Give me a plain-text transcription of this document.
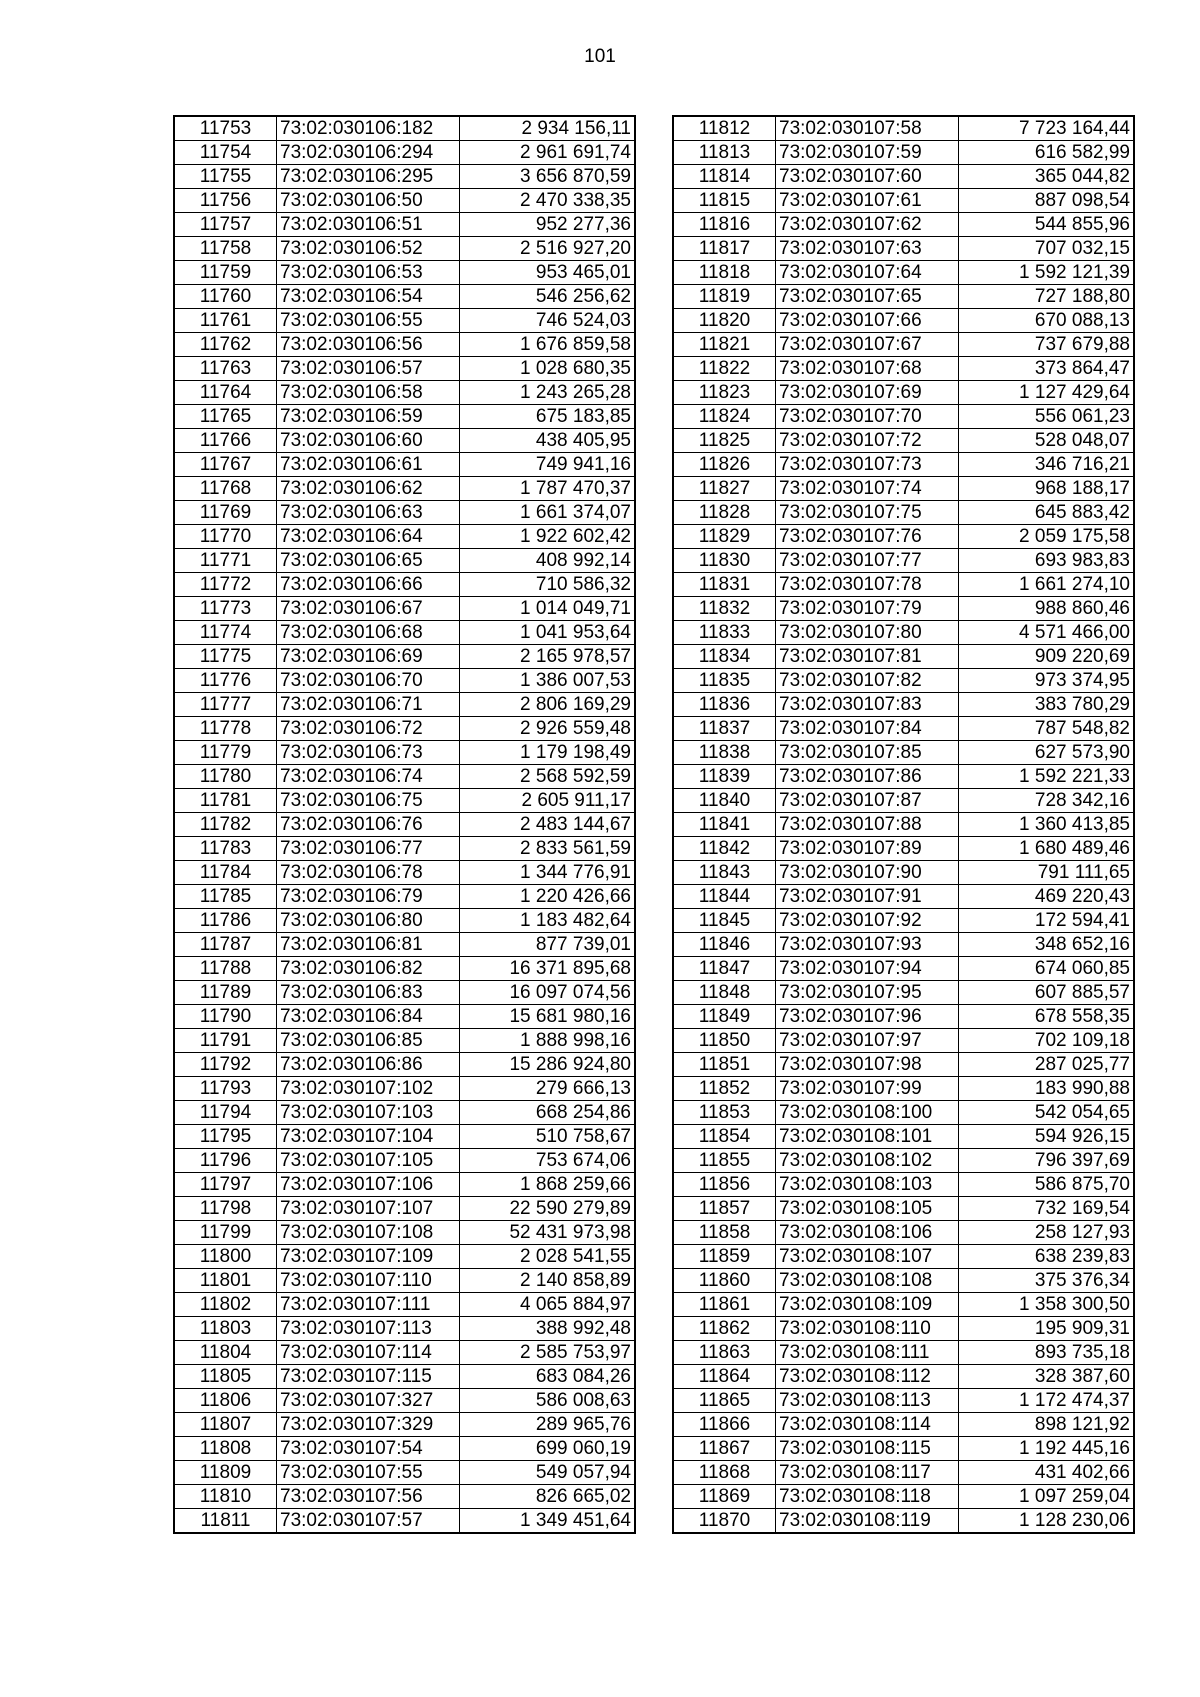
101
11753	73:02:030106:182	2 934 156,11
11754	73:02:030106:294	2 961 691,74
11755	73:02:030106:295	3 656 870,59
11756	73:02:030106:50	2 470 338,35
11757	73:02:030106:51	952 277,36
11758	73:02:030106:52	2 516 927,20
11759	73:02:030106:53	953 465,01
11760	73:02:030106:54	546 256,62
11761	73:02:030106:55	746 524,03
11762	73:02:030106:56	1 676 859,58
11763	73:02:030106:57	1 028 680,35
11764	73:02:030106:58	1 243 265,28
11765	73:02:030106:59	675 183,85
11766	73:02:030106:60	438 405,95
11767	73:02:030106:61	749 941,16
11768	73:02:030106:62	1 787 470,37
11769	73:02:030106:63	1 661 374,07
11770	73:02:030106:64	1 922 602,42
11771	73:02:030106:65	408 992,14
11772	73:02:030106:66	710 586,32
11773	73:02:030106:67	1 014 049,71
11774	73:02:030106:68	1 041 953,64
11775	73:02:030106:69	2 165 978,57
11776	73:02:030106:70	1 386 007,53
11777	73:02:030106:71	2 806 169,29
11778	73:02:030106:72	2 926 559,48
11779	73:02:030106:73	1 179 198,49
11780	73:02:030106:74	2 568 592,59
11781	73:02:030106:75	2 605 911,17
11782	73:02:030106:76	2 483 144,67
11783	73:02:030106:77	2 833 561,59
11784	73:02:030106:78	1 344 776,91
11785	73:02:030106:79	1 220 426,66
11786	73:02:030106:80	1 183 482,64
11787	73:02:030106:81	877 739,01
11788	73:02:030106:82	16 371 895,68
11789	73:02:030106:83	16 097 074,56
11790	73:02:030106:84	15 681 980,16
11791	73:02:030106:85	1 888 998,16
11792	73:02:030106:86	15 286 924,80
11793	73:02:030107:102	279 666,13
11794	73:02:030107:103	668 254,86
11795	73:02:030107:104	510 758,67
11796	73:02:030107:105	753 674,06
11797	73:02:030107:106	1 868 259,66
11798	73:02:030107:107	22 590 279,89
11799	73:02:030107:108	52 431 973,98
11800	73:02:030107:109	2 028 541,55
11801	73:02:030107:110	2 140 858,89
11802	73:02:030107:111	4 065 884,97
11803	73:02:030107:113	388 992,48
11804	73:02:030107:114	2 585 753,97
11805	73:02:030107:115	683 084,26
11806	73:02:030107:327	586 008,63
11807	73:02:030107:329	289 965,76
11808	73:02:030107:54	699 060,19
11809	73:02:030107:55	549 057,94
11810	73:02:030107:56	826 665,02
11811	73:02:030107:57	1 349 451,64
11812	73:02:030107:58	7 723 164,44
11813	73:02:030107:59	616 582,99
11814	73:02:030107:60	365 044,82
11815	73:02:030107:61	887 098,54
11816	73:02:030107:62	544 855,96
11817	73:02:030107:63	707 032,15
11818	73:02:030107:64	1 592 121,39
11819	73:02:030107:65	727 188,80
11820	73:02:030107:66	670 088,13
11821	73:02:030107:67	737 679,88
11822	73:02:030107:68	373 864,47
11823	73:02:030107:69	1 127 429,64
11824	73:02:030107:70	556 061,23
11825	73:02:030107:72	528 048,07
11826	73:02:030107:73	346 716,21
11827	73:02:030107:74	968 188,17
11828	73:02:030107:75	645 883,42
11829	73:02:030107:76	2 059 175,58
11830	73:02:030107:77	693 983,83
11831	73:02:030107:78	1 661 274,10
11832	73:02:030107:79	988 860,46
11833	73:02:030107:80	4 571 466,00
11834	73:02:030107:81	909 220,69
11835	73:02:030107:82	973 374,95
11836	73:02:030107:83	383 780,29
11837	73:02:030107:84	787 548,82
11838	73:02:030107:85	627 573,90
11839	73:02:030107:86	1 592 221,33
11840	73:02:030107:87	728 342,16
11841	73:02:030107:88	1 360 413,85
11842	73:02:030107:89	1 680 489,46
11843	73:02:030107:90	791 111,65
11844	73:02:030107:91	469 220,43
11845	73:02:030107:92	172 594,41
11846	73:02:030107:93	348 652,16
11847	73:02:030107:94	674 060,85
11848	73:02:030107:95	607 885,57
11849	73:02:030107:96	678 558,35
11850	73:02:030107:97	702 109,18
11851	73:02:030107:98	287 025,77
11852	73:02:030107:99	183 990,88
11853	73:02:030108:100	542 054,65
11854	73:02:030108:101	594 926,15
11855	73:02:030108:102	796 397,69
11856	73:02:030108:103	586 875,70
11857	73:02:030108:105	732 169,54
11858	73:02:030108:106	258 127,93
11859	73:02:030108:107	638 239,83
11860	73:02:030108:108	375 376,34
11861	73:02:030108:109	1 358 300,50
11862	73:02:030108:110	195 909,31
11863	73:02:030108:111	893 735,18
11864	73:02:030108:112	328 387,60
11865	73:02:030108:113	1 172 474,37
11866	73:02:030108:114	898 121,92
11867	73:02:030108:115	1 192 445,16
11868	73:02:030108:117	431 402,66
11869	73:02:030108:118	1 097 259,04
11870	73:02:030108:119	1 128 230,06
